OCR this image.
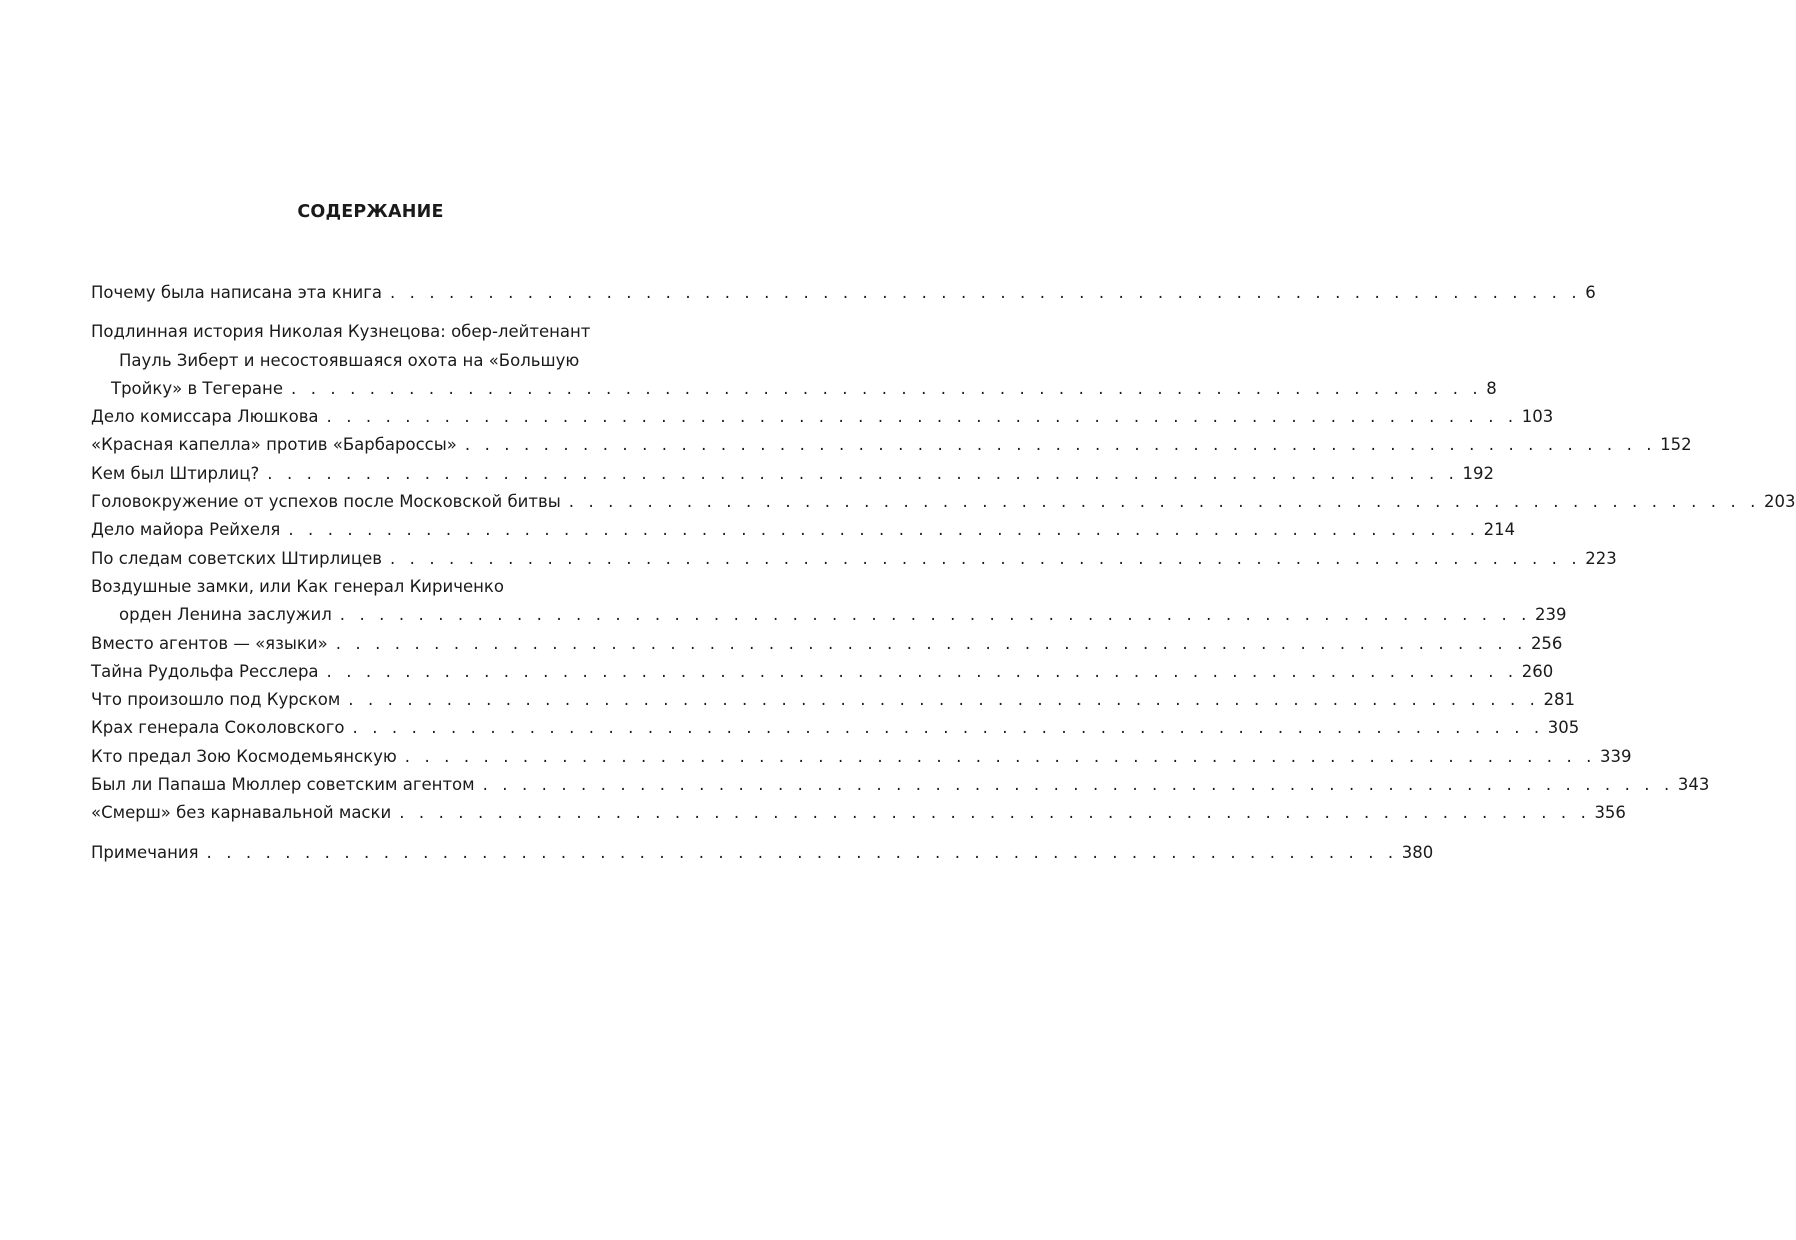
СОДЕРЖАНИЕ
Почему была написана эта книга . . . . . . . . . . . . . . . . . . . . . . . . . . . . . . . . . . . . . . . . . . . . . . . . . . . . . . . . . . . . . 6
Подлинная история Николая Кузнецова: обер-лейтенант
Пауль Зиберт и несостоявшаяся охота на «Большую
Тройку» в Тегеране . . . . . . . . . . . . . . . . . . . . . . . . . . . . . . . . . . . . . . . . . . . . . . . . . . . . . . . . . . . . . 8
Дело комиссара Люшкова . . . . . . . . . . . . . . . . . . . . . . . . . . . . . . . . . . . . . . . . . . . . . . . . . . . . . . . . . . . . . 103
«Красная капелла» против «Барбароссы» . . . . . . . . . . . . . . . . . . . . . . . . . . . . . . . . . . . . . . . . . . . . . . . . . . . . . . . . . . . . . 152
Кем был Штирлиц? . . . . . . . . . . . . . . . . . . . . . . . . . . . . . . . . . . . . . . . . . . . . . . . . . . . . . . . . . . . . . 192
Головокружение от успехов после Московской битвы . . . . . . . . . . . . . . . . . . . . . . . . . . . . . . . . . . . . . . . . . . . . . . . . . . . . . . . . . . . . . 203
Дело майора Рейхеля . . . . . . . . . . . . . . . . . . . . . . . . . . . . . . . . . . . . . . . . . . . . . . . . . . . . . . . . . . . . . 214
По следам советских Штирлицев . . . . . . . . . . . . . . . . . . . . . . . . . . . . . . . . . . . . . . . . . . . . . . . . . . . . . . . . . . . . . 223
Воздушные замки, или Как генерал Кириченко
орден Ленина заслужил . . . . . . . . . . . . . . . . . . . . . . . . . . . . . . . . . . . . . . . . . . . . . . . . . . . . . . . . . . . . . 239
Вместо агентов — «языки» . . . . . . . . . . . . . . . . . . . . . . . . . . . . . . . . . . . . . . . . . . . . . . . . . . . . . . . . . . . . . 256
Тайна Рудольфа Ресслера . . . . . . . . . . . . . . . . . . . . . . . . . . . . . . . . . . . . . . . . . . . . . . . . . . . . . . . . . . . . . 260
Что произошло под Курском . . . . . . . . . . . . . . . . . . . . . . . . . . . . . . . . . . . . . . . . . . . . . . . . . . . . . . . . . . . . . 281
Крах генерала Соколовского . . . . . . . . . . . . . . . . . . . . . . . . . . . . . . . . . . . . . . . . . . . . . . . . . . . . . . . . . . . . . 305
Кто предал Зою Космодемьянскую . . . . . . . . . . . . . . . . . . . . . . . . . . . . . . . . . . . . . . . . . . . . . . . . . . . . . . . . . . . . . 339
Был ли Папаша Мюллер советским агентом . . . . . . . . . . . . . . . . . . . . . . . . . . . . . . . . . . . . . . . . . . . . . . . . . . . . . . . . . . . . . 343
«Смерш» без карнавальной маски . . . . . . . . . . . . . . . . . . . . . . . . . . . . . . . . . . . . . . . . . . . . . . . . . . . . . . . . . . . . . 356
Примечания . . . . . . . . . . . . . . . . . . . . . . . . . . . . . . . . . . . . . . . . . . . . . . . . . . . . . . . . . . . . . 380
